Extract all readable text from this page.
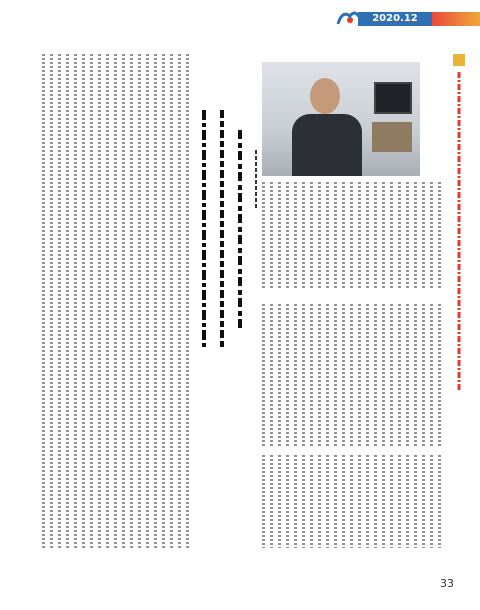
2020.12
33
